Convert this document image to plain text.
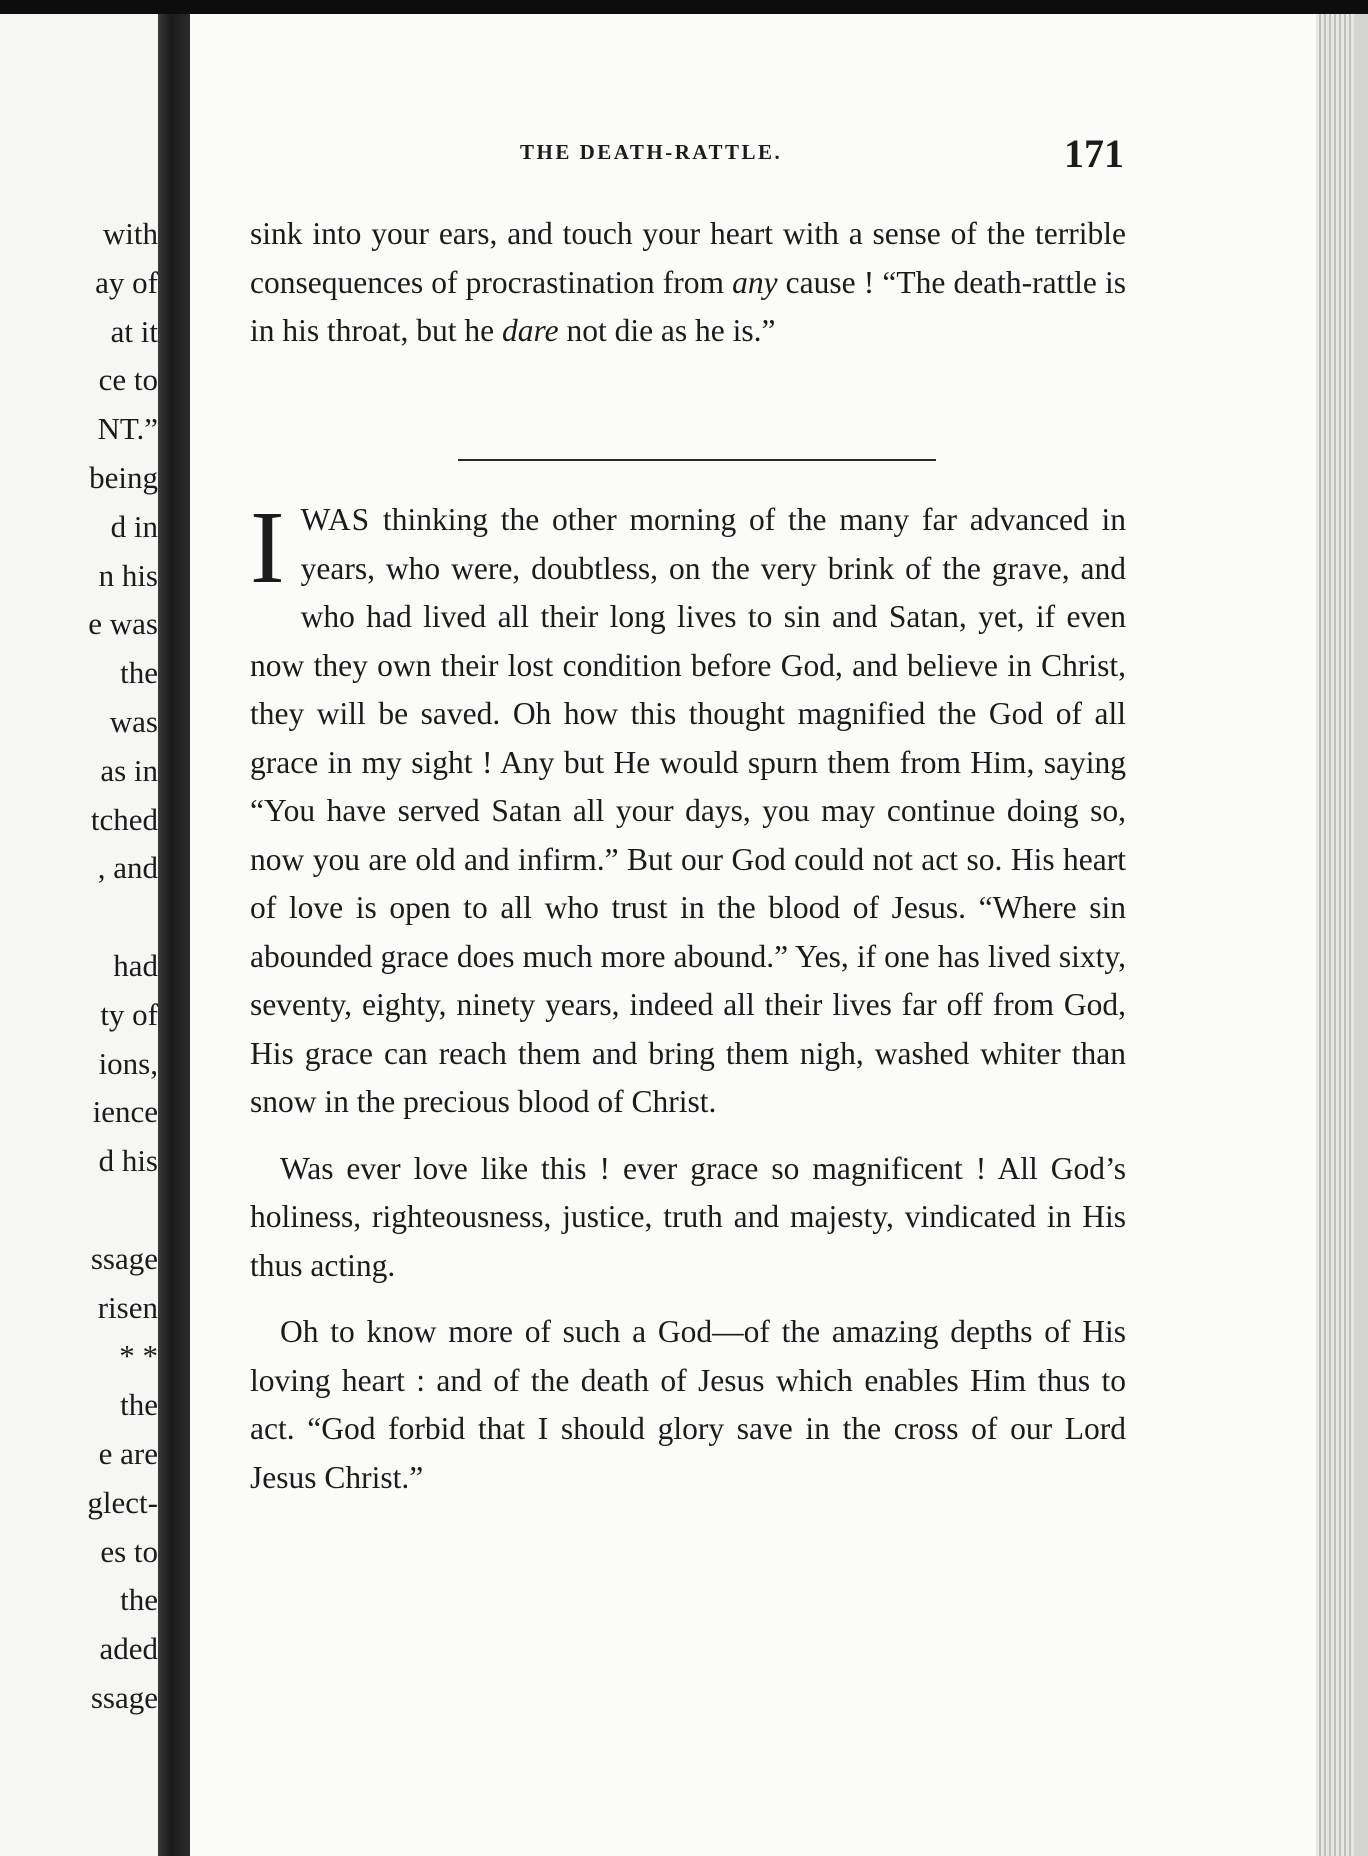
with
ay of
at it
ce to
NT.”
being
d in
n his
e was
the
was
as in
tched
, and
had
ty of
ions,
ience
d his
ssage
risen
* *
the
e are
glect-
es to
the
aded
ssage
THE DEATH-RATTLE.	171

sink into your ears, and touch your heart with a sense of the terrible consequences of procrastination from any cause ! “The death-rattle is in his throat, but he dare not die as he is.”

IWAS thinking the other morning of the many far advanced in years, who were, doubtless, on the very brink of the grave, and who had lived all their long lives to sin and Satan, yet, if even now they own their lost condition before God, and believe in Christ, they will be saved. Oh how this thought magnified the God of all grace in my sight ! Any but He would spurn them from Him, saying “You have served Satan all your days, you may continue doing so, now you are old and infirm.” But our God could not act so. His heart of love is open to all who trust in the blood of Jesus. “Where sin abounded grace does much more abound.” Yes, if one has lived sixty, seventy, eighty, ninety years, indeed all their lives far off from God, His grace can reach them and bring them nigh, washed whiter than snow in the precious blood of Christ.

Was ever love like this ! ever grace so magnificent ! All God’s holiness, righteousness, justice, truth and majesty, vindicated in His thus acting.

Oh to know more of such a God—of the amazing depths of His loving heart : and of the death of Jesus which enables Him thus to act. “God forbid that I should glory save in the cross of our Lord Jesus Christ.”
